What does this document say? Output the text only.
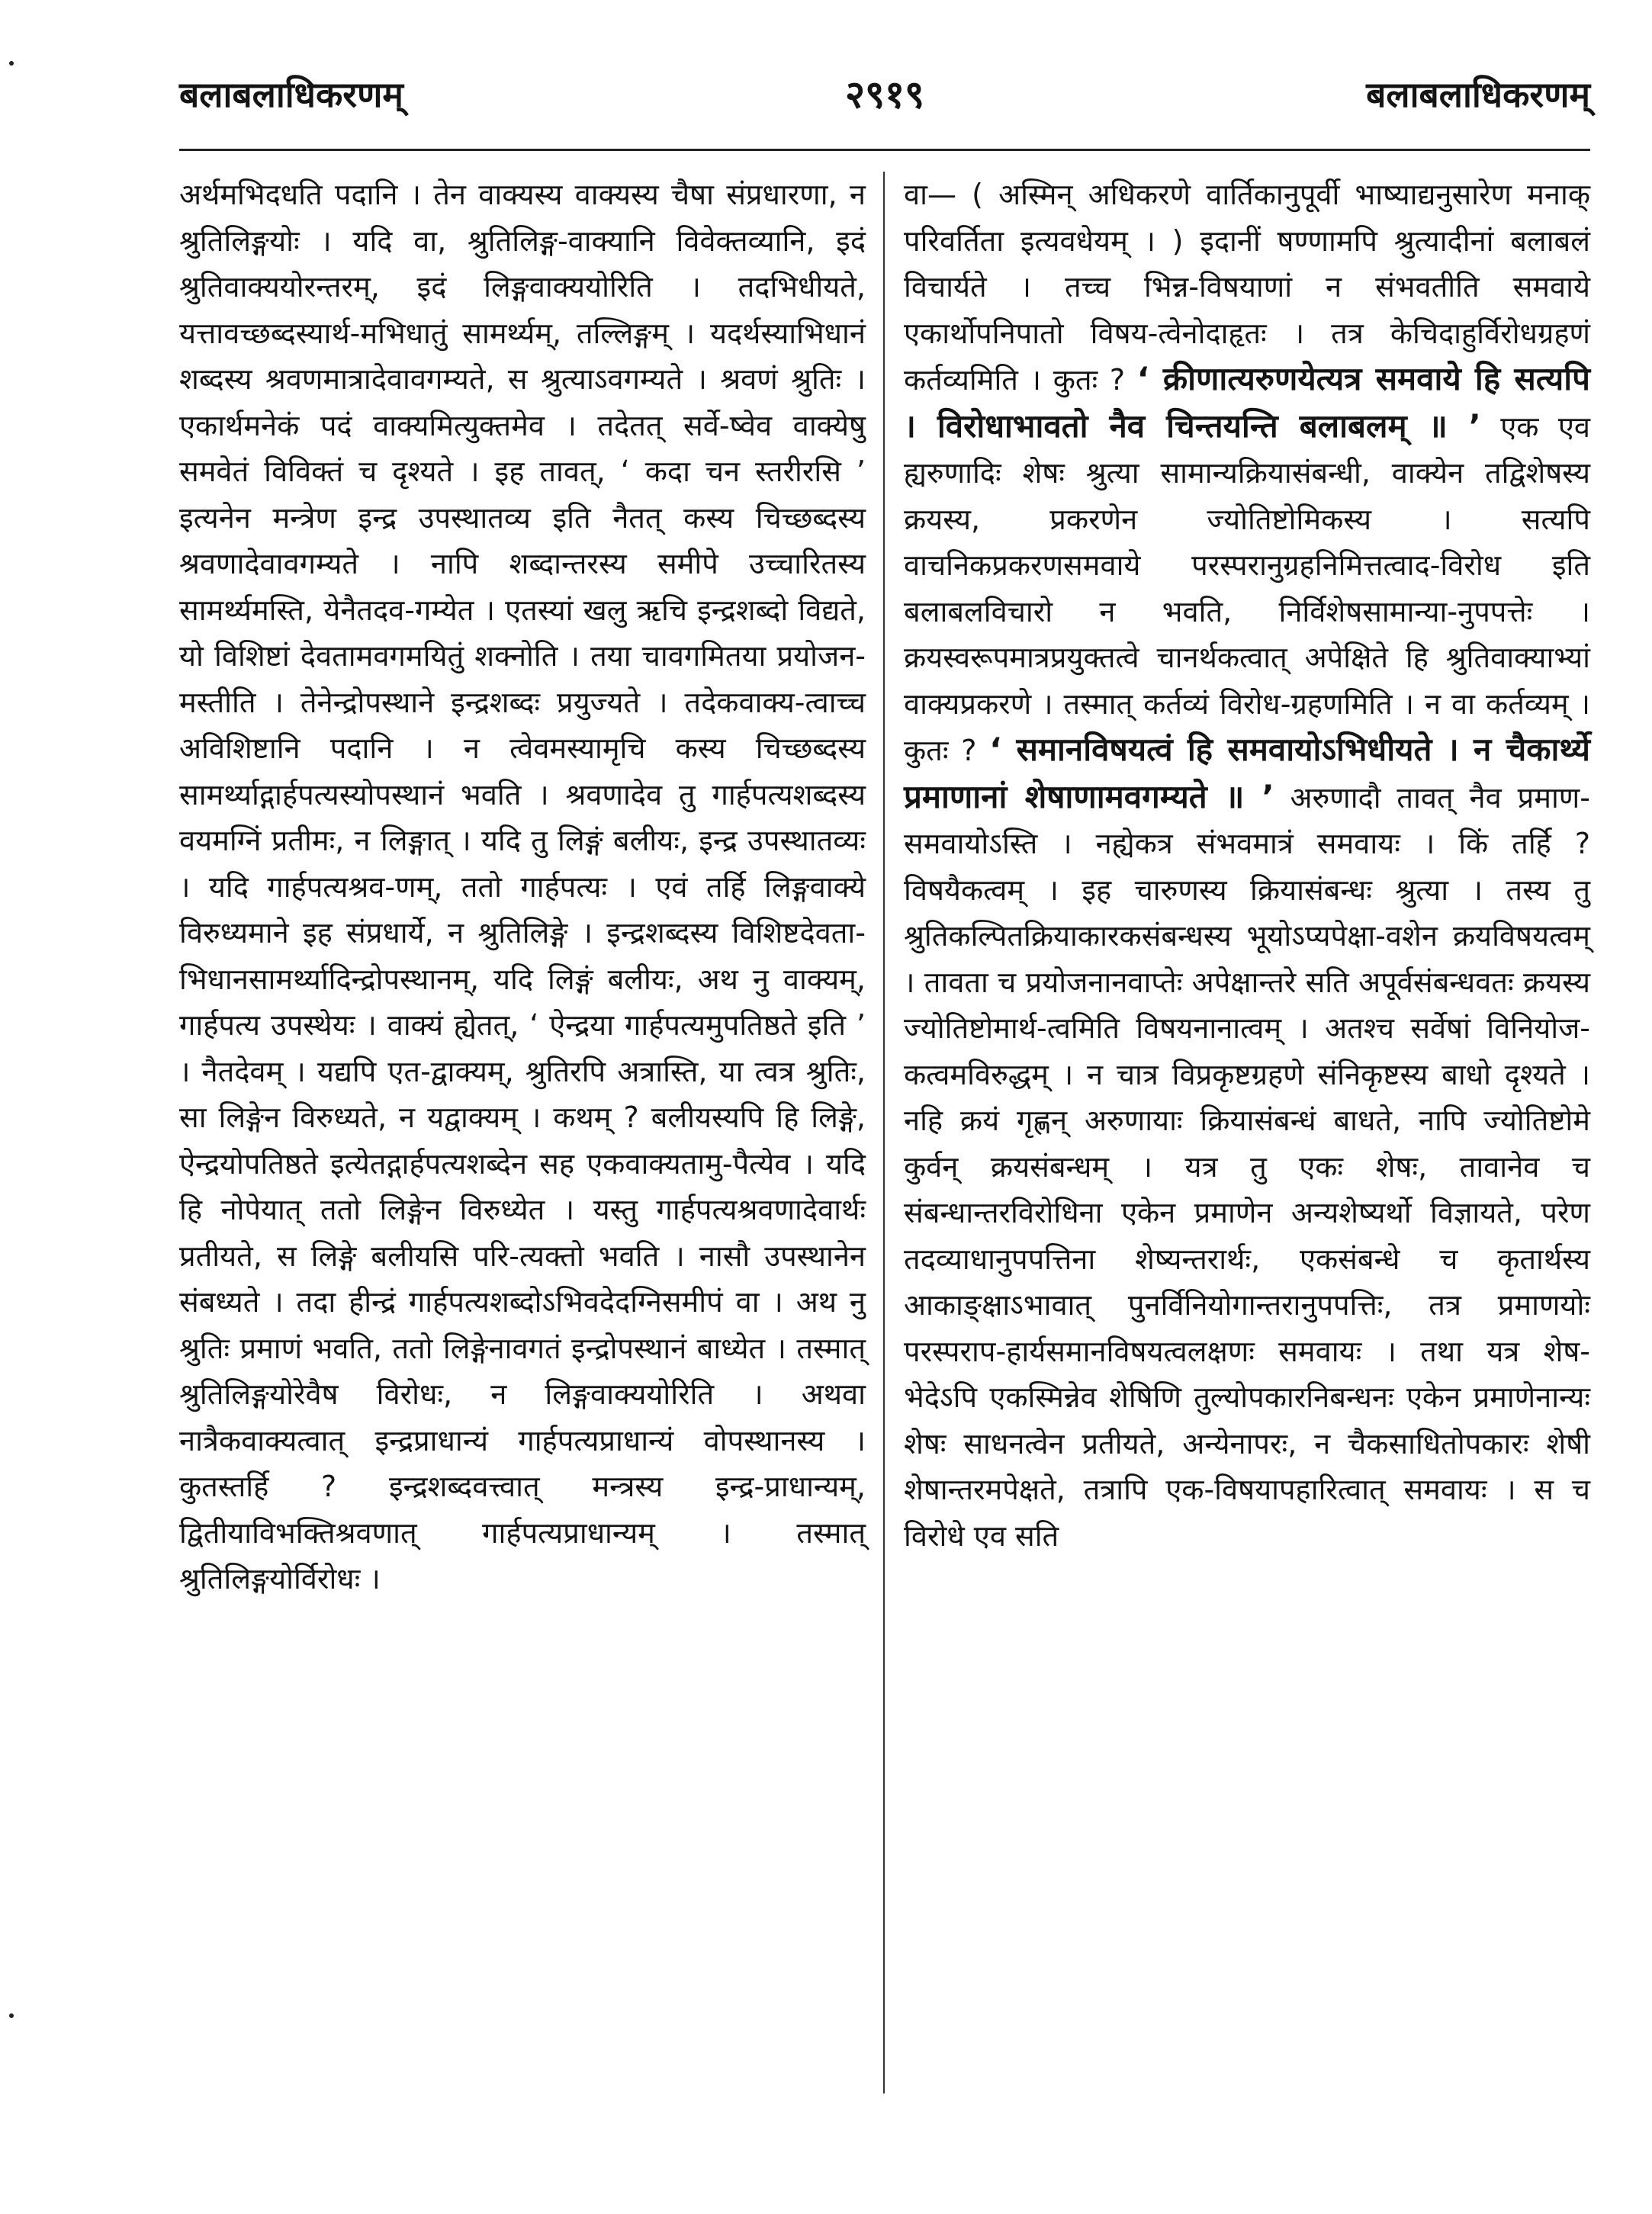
बलाबलाधिकरणम्	२९१९	बलाबलाधिकरणम्

अर्थमभिदधति पदानि । तेन वाक्यस्य वाक्यस्य चैषा संप्रधारणा, न श्रुतिलिङ्गयोः । यदि वा, श्रुतिलिङ्ग-वाक्यानि विवेक्तव्यानि, इदं श्रुतिवाक्ययोरन्तरम्, इदं लिङ्गवाक्ययोरिति । तदभिधीयते, यत्तावच्छब्दस्यार्थ-मभिधातुं सामर्थ्यम्, तल्लिङ्गम् । यदर्थस्याभिधानं शब्दस्य श्रवणमात्रादेवावगम्यते, स श्रुत्याऽवगम्यते । श्रवणं श्रुतिः । एकार्थमनेकं पदं वाक्यमित्युक्तमेव । तदेतत् सर्वे-ष्वेव वाक्येषु समवेतं विविक्तं च दृश्यते । इह तावत्, ‘ कदा चन स्तरीरसि ’ इत्यनेन मन्त्रेण इन्द्र उपस्थातव्य इति नैतत् कस्य चिच्छब्दस्य श्रवणादेवावगम्यते । नापि शब्दान्तरस्य समीपे उच्चारितस्य सामर्थ्यमस्ति, येनैतदव-गम्येत । एतस्यां खलु ऋचि इन्द्रशब्दो विद्यते, यो विशिष्टां देवतामवगमयितुं शक्नोति । तया चावगमितया प्रयोजन-मस्तीति । तेनेन्द्रोपस्थाने इन्द्रशब्दः प्रयुज्यते । तदेकवाक्य-त्वाच्च अविशिष्टानि पदानि । न त्वेवमस्यामृचि कस्य चिच्छब्दस्य सामर्थ्याद्गार्हपत्यस्योपस्थानं भवति । श्रवणादेव तु गार्हपत्यशब्दस्य वयमग्निं प्रतीमः, न लिङ्गात् । यदि तु लिङ्गं बलीयः, इन्द्र उपस्थातव्यः । यदि गार्हपत्यश्रव-णम्, ततो गार्हपत्यः । एवं तर्हि लिङ्गवाक्ये विरुध्यमाने इह संप्रधार्ये, न श्रुतिलिङ्गे । इन्द्रशब्दस्य विशिष्टदेवता-भिधानसामर्थ्यादिन्द्रोपस्थानम्, यदि लिङ्गं बलीयः, अथ नु वाक्यम्, गार्हपत्य उपस्थेयः । वाक्यं ह्येतत्, ‘ ऐन्द्रया गार्हपत्यमुपतिष्ठते इति ’ । नैतदेवम् । यद्यपि एत-द्वाक्यम्, श्रुतिरपि अत्रास्ति, या त्वत्र श्रुतिः, सा लिङ्गेन विरुध्यते, न यद्वाक्यम् । कथम् ? बलीयस्यपि हि लिङ्गे, ऐन्द्रयोपतिष्ठते इत्येतद्गार्हपत्यशब्देन सह एकवाक्यतामु-पैत्येव । यदि हि नोपेयात् ततो लिङ्गेन विरुध्येत । यस्तु गार्हपत्यश्रवणादेवार्थः प्रतीयते, स लिङ्गे बलीयसि परि-त्यक्तो भवति । नासौ उपस्थानेन संबध्यते । तदा हीन्द्रं गार्हपत्यशब्दोऽभिवदेदग्निसमीपं वा । अथ नु श्रुतिः प्रमाणं भवति, ततो लिङ्गेनावगतं इन्द्रोपस्थानं बाध्येत । तस्मात् श्रुतिलिङ्गयोरेवैष विरोधः, न लिङ्गवाक्ययोरिति । अथवा नात्रैकवाक्यत्वात् इन्द्रप्राधान्यं गार्हपत्यप्राधान्यं वोपस्थानस्य । कुतस्तर्हि ? इन्द्रशब्दवत्त्वात् मन्त्रस्य इन्द्र-प्राधान्यम्, द्वितीयाविभक्तिश्रवणात् गार्हपत्यप्राधान्यम् । तस्मात् श्रुतिलिङ्गयोर्विरोधः ।

वा— ( अस्मिन् अधिकरणे वार्तिकानुपूर्वी भाष्याद्यनुसारेण मनाक् परिवर्तिता इत्यवधेयम् । ) इदानीं षण्णामपि श्रुत्यादीनां बलाबलं विचार्यते । तच्च भिन्न-विषयाणां न संभवतीति समवाये एकार्थोपनिपातो विषय-त्वेनोदाहृतः । तत्र केचिदाहुर्विरोधग्रहणं कर्तव्यमिति । कुतः ? ‘ क्रीणात्यरुणयेत्यत्र समवाये हि सत्यपि । विरोधाभावतो नैव चिन्तयन्ति बलाबलम् ॥ ’ एक एव ह्यरुणादिः शेषः श्रुत्या सामान्यक्रियासंबन्धी, वाक्येन तद्विशेषस्य क्रयस्य, प्रकरणेन ज्योतिष्टोमिकस्य । सत्यपि वाचनिकप्रकरणसमवाये परस्परानुग्रहनिमित्तत्वाद-विरोध इति बलाबलविचारो न भवति, निर्विशेषसामान्या-नुपपत्तेः । क्रयस्वरूपमात्रप्रयुक्तत्वे चानर्थकत्वात् अपेक्षिते हि श्रुतिवाक्याभ्यां वाक्यप्रकरणे । तस्मात् कर्तव्यं विरोध-ग्रहणमिति । न वा कर्तव्यम् । कुतः ? ‘ समानविषयत्वं हि समवायोऽभिधीयते । न चैकार्थ्ये प्रमाणानां शेषाणामवगम्यते ॥ ’ अरुणादौ तावत् नैव प्रमाण-समवायोऽस्ति । नह्येकत्र संभवमात्रं समवायः । किं तर्हि ? विषयैकत्वम् । इह चारुणस्य क्रियासंबन्धः श्रुत्या । तस्य तु श्रुतिकल्पितक्रियाकारकसंबन्धस्य भूयोऽप्यपेक्षा-वशेन क्रयविषयत्वम् । तावता च प्रयोजनानवाप्तेः अपेक्षान्तरे सति अपूर्वसंबन्धवतः क्रयस्य ज्योतिष्टोमार्थ-त्वमिति विषयनानात्वम् । अतश्च सर्वेषां विनियोज-कत्वमविरुद्धम् । न चात्र विप्रकृष्टग्रहणे संनिकृष्टस्य बाधो दृश्यते । नहि क्रयं गृह्णन् अरुणायाः क्रियासंबन्धं बाधते, नापि ज्योतिष्टोमे कुर्वन् क्रयसंबन्धम् । यत्र तु एकः शेषः, तावानेव च संबन्धान्तरविरोधिना एकेन प्रमाणेन अन्यशेष्यर्थो विज्ञायते, परेण तदव्याधानुपपत्तिना शेष्यन्तरार्थः, एकसंबन्धे च कृतार्थस्य आकाङ्क्षाऽभावात् पुनर्विनियोगान्तरानुपपत्तिः, तत्र प्रमाणयोः परस्पराप-हार्यसमानविषयत्वलक्षणः समवायः । तथा यत्र शेष-भेदेऽपि एकस्मिन्नेव शेषिणि तुल्योपकारनिबन्धनः एकेन प्रमाणेनान्यः शेषः साधनत्वेन प्रतीयते, अन्येनापरः, न चैकसाधितोपकारः शेषी शेषान्तरमपेक्षते, तत्रापि एक-विषयापहारित्वात् समवायः । स च विरोधे एव सति
